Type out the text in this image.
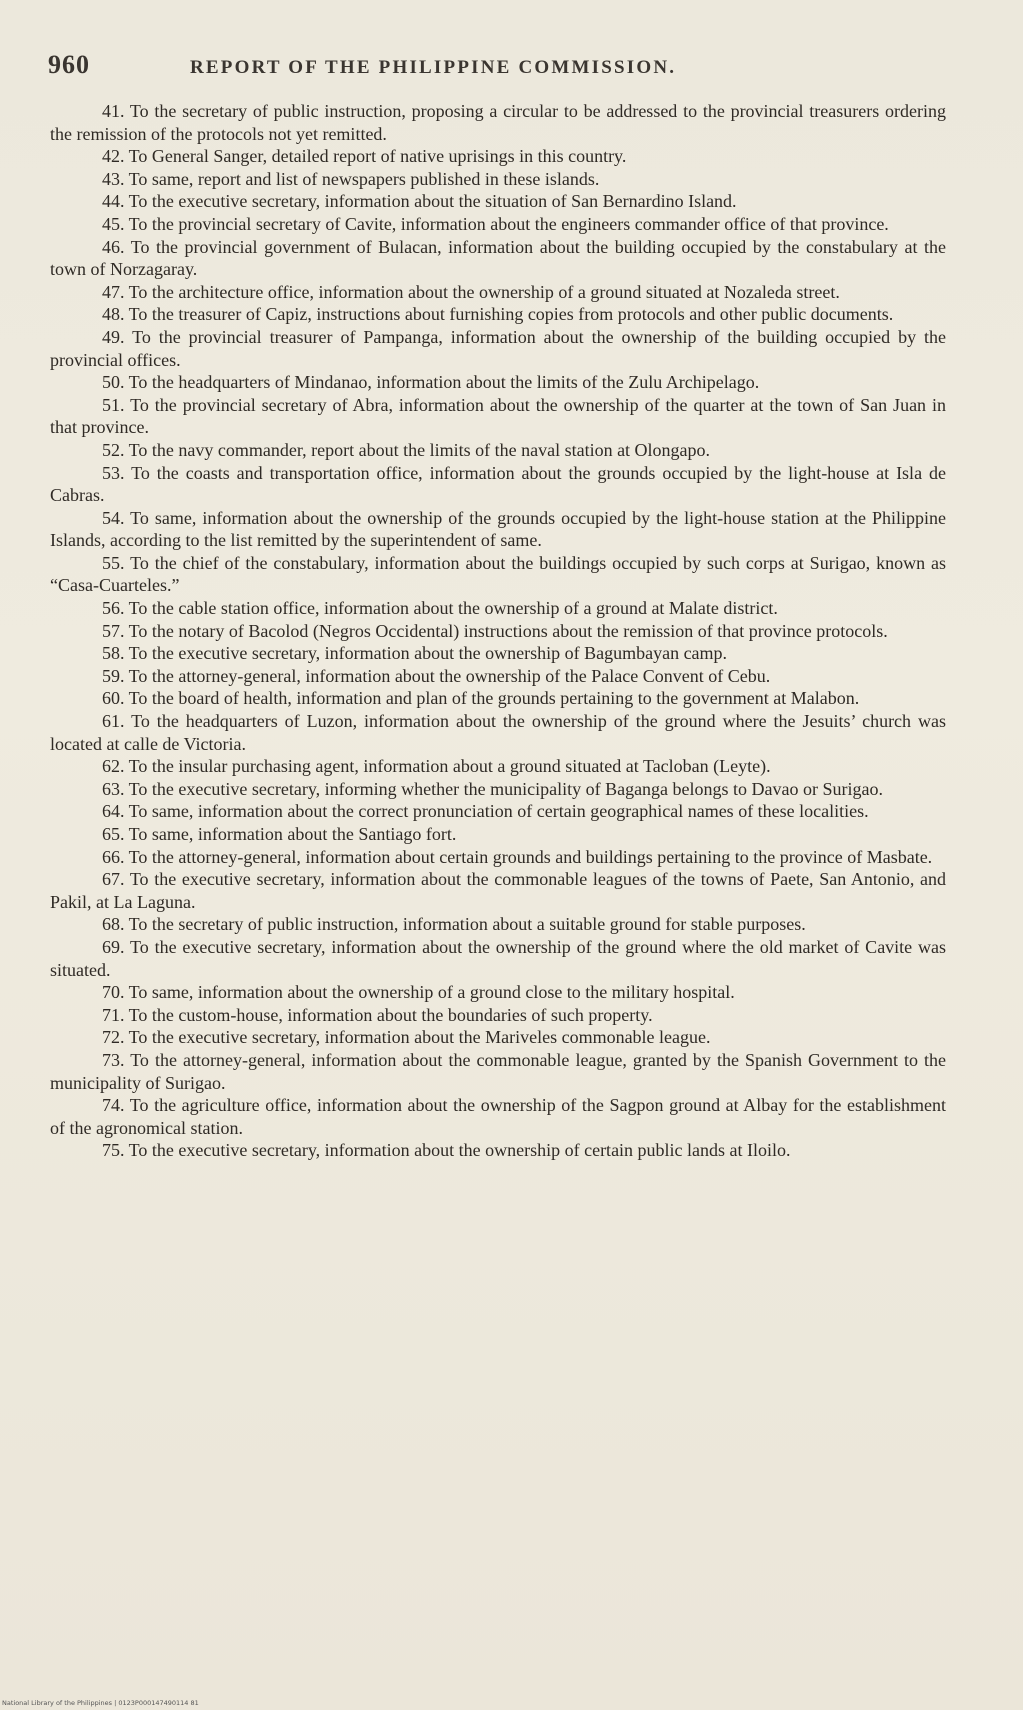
960	REPORT OF THE PHILIPPINE COMMISSION.

41. To the secretary of public instruction, proposing a circular to be addressed to the provincial treasurers ordering the remission of the protocols not yet remitted.

42. To General Sanger, detailed report of native uprisings in this country.

43. To same, report and list of newspapers published in these islands.

44. To the executive secretary, information about the situation of San Bernardino Island.

45. To the provincial secretary of Cavite, information about the engineers commander office of that province.

46. To the provincial government of Bulacan, information about the building occupied by the constabulary at the town of Norzagaray.

47. To the architecture office, information about the ownership of a ground situated at Nozaleda street.

48. To the treasurer of Capiz, instructions about furnishing copies from protocols and other public documents.

49. To the provincial treasurer of Pampanga, information about the ownership of the building occupied by the provincial offices.

50. To the headquarters of Mindanao, information about the limits of the Zulu Archipelago.

51. To the provincial secretary of Abra, information about the ownership of the quarter at the town of San Juan in that province.

52. To the navy commander, report about the limits of the naval station at Olongapo.

53. To the coasts and transportation office, information about the grounds occupied by the light-house at Isla de Cabras.

54. To same, information about the ownership of the grounds occupied by the light-house station at the Philippine Islands, according to the list remitted by the superintendent of same.

55. To the chief of the constabulary, information about the buildings occupied by such corps at Surigao, known as “Casa-Cuarteles.”

56. To the cable station office, information about the ownership of a ground at Malate district.

57. To the notary of Bacolod (Negros Occidental) instructions about the remission of that province protocols.

58. To the executive secretary, information about the ownership of Bagumbayan camp.

59. To the attorney-general, information about the ownership of the Palace Convent of Cebu.

60. To the board of health, information and plan of the grounds pertaining to the government at Malabon.

61. To the headquarters of Luzon, information about the ownership of the ground where the Jesuits’ church was located at calle de Victoria.

62. To the insular purchasing agent, information about a ground situated at Tacloban (Leyte).

63. To the executive secretary, informing whether the municipality of Baganga belongs to Davao or Surigao.

64. To same, information about the correct pronunciation of certain geographical names of these localities.

65. To same, information about the Santiago fort.

66. To the attorney-general, information about certain grounds and buildings pertaining to the province of Masbate.

67. To the executive secretary, information about the commonable leagues of the towns of Paete, San Antonio, and Pakil, at La Laguna.

68. To the secretary of public instruction, information about a suitable ground for stable purposes.

69. To the executive secretary, information about the ownership of the ground where the old market of Cavite was situated.

70. To same, information about the ownership of a ground close to the military hospital.

71. To the custom-house, information about the boundaries of such property.

72. To the executive secretary, information about the Mariveles commonable league.

73. To the attorney-general, information about the commonable league, granted by the Spanish Government to the municipality of Surigao.

74. To the agriculture office, information about the ownership of the Sagpon ground at Albay for the establishment of the agronomical station.

75. To the executive secretary, information about the ownership of certain public lands at Iloilo.

National Library of the Philippines | 0123P000147490114 81
